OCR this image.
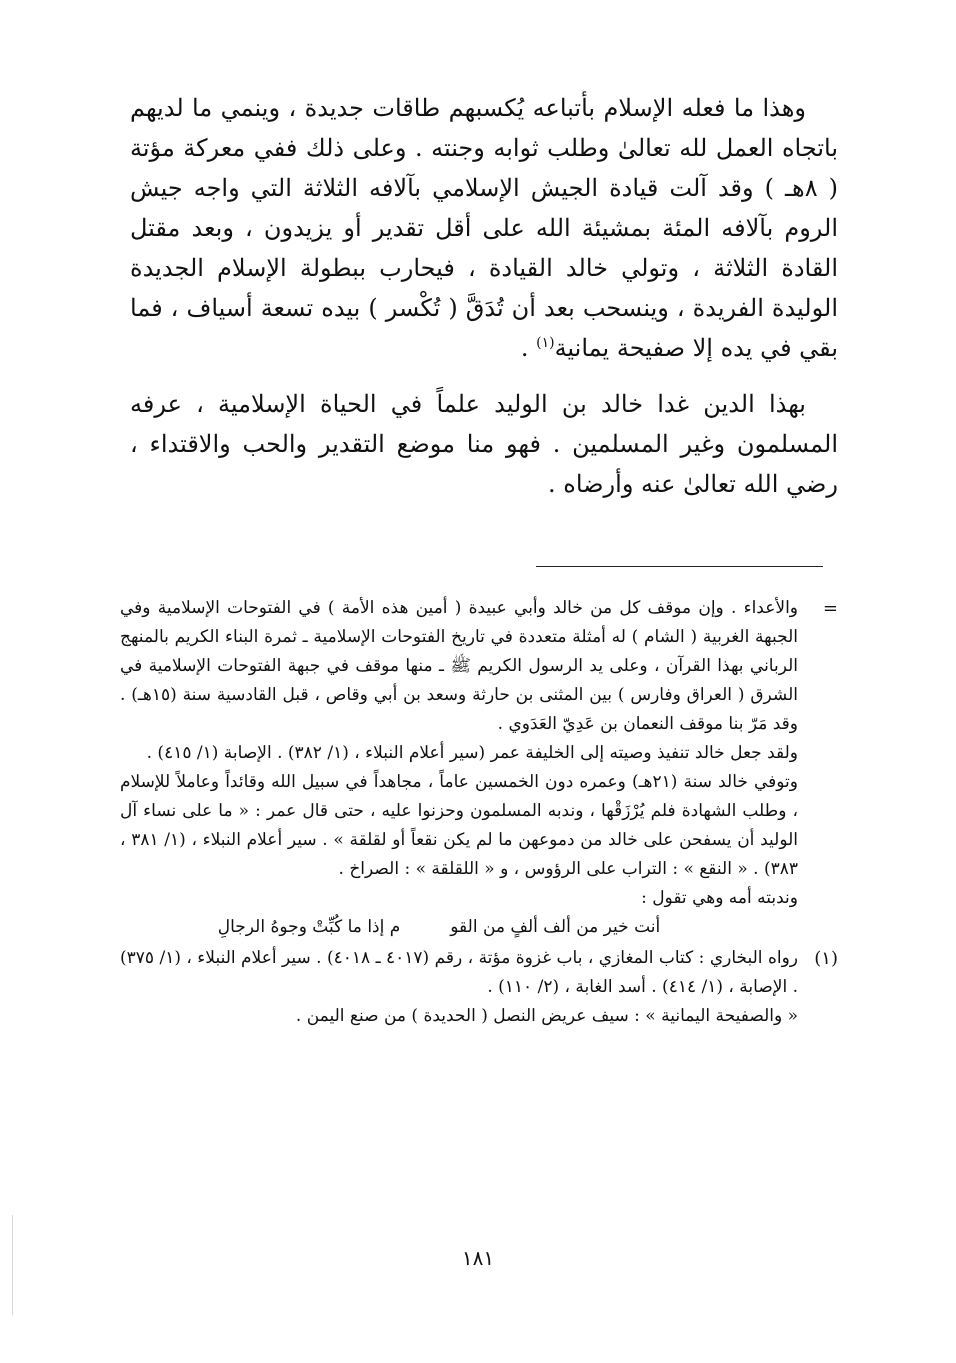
وهذا ما فعله الإسلام بأتباعه يُكسبهم طاقات جديدة ، وينمي ما لديهم باتجاه العمل لله تعالىٰ وطلب ثوابه وجنته . وعلى ذلك ففي معركة مؤتة ( ٨هـ ) وقد آلت قيادة الجيش الإسلامي بآلافه الثلاثة التي واجه جيش الروم بآلافه المئة بمشيئة الله على أقل تقدير أو يزيدون ، وبعد مقتل القادة الثلاثة ، وتولي خالد القيادة ، فيحارب ببطولة الإسلام الجديدة الوليدة الفريدة ، وينسحب بعد أن تُدَقَّ ( تُكْسر ) بيده تسعة أسياف ، فما بقي في يده إلا صفيحة يمانية$^{(١)}$ .

بهذا الدين غدا خالد بن الوليد علماً في الحياة الإسلامية ، عرفه المسلمون وغير المسلمين . فهو منا موضع التقدير والحب والاقتداء ، رضي الله تعالىٰ عنه وأرضاه .

=

والأعداء . وإن موقف كل من خالد وأبي عبيدة ( أمين هذه الأمة ) في الفتوحات الإسلامية وفي الجبهة الغربية ( الشام ) له أمثلة متعددة في تاريخ الفتوحات الإسلامية ـ ثمرة البناء الكريم بالمنهج الرباني بهذا القرآن ، وعلى يد الرسول الكريم ﷺ ـ منها موقف في جبهة الفتوحات الإسلامية في الشرق ( العراق وفارس ) بين المثنى بن حارثة وسعد بن أبي وقاص ، قبل القادسية سنة (١٥هـ) . وقد مَرّ بنا موقف النعمان بن عَدِيّ العَدَوي .

ولقد جعل خالد تنفيذ وصيته إلى الخليفة عمر (سير أعلام النبلاء ، (١/ ٣٨٢) . الإصابة (١/ ٤١٥) .

وتوفي خالد سنة (٢١هـ) وعمره دون الخمسين عاماً ، مجاهداً في سبيل الله وقائداً وعاملاً للإسلام ، وطلب الشهادة فلم يُرْزَقْها ، وندبه المسلمون وحزنوا عليه ، حتى قال عمر : « ما على نساء آل الوليد أن يسفحن على خالد من دموعهن ما لم يكن نقعاً أو لقلقة » . سير أعلام النبلاء ، (١/ ٣٨١ ، ٣٨٣) . « النقع » : التراب على الرؤوس ، و « اللقلقة » : الصراخ .

وندبته أمه وهي تقول :

أنت خير من ألف ألفٍ من القو
م إذا ما كُبِّتْ وجوهُ الرجالِ
(١)

رواه البخاري : كتاب المغازي ، باب غزوة مؤتة ، رقم (٤٠١٧ ـ ٤٠١٨) . سير أعلام النبلاء ، (١/ ٣٧٥) . الإصابة ، (١/ ٤١٤) . أسد الغابة ، (٢/ ١١٠) .

« والصفيحة اليمانية » : سيف عريض النصل ( الحديدة ) من صنع اليمن .

١٨١
